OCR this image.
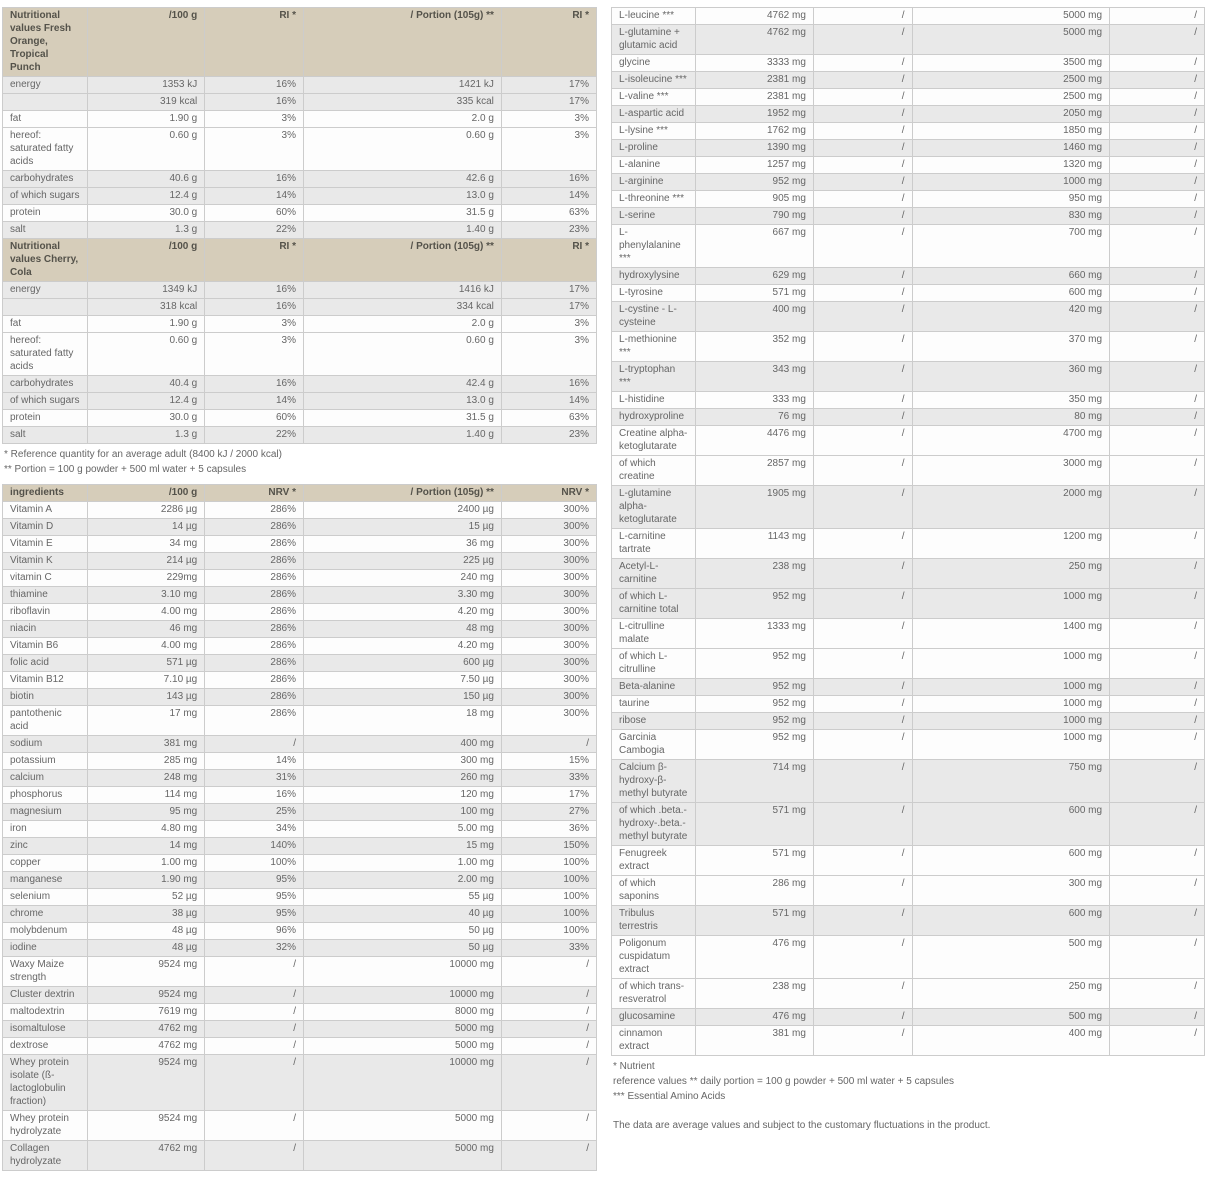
Nutritional values Fresh Orange, Tropical Punch	/100 g	RI *	/ Portion (105g) **	RI *
energy	1353 kJ	16%	1421 kJ	17%
	319 kcal	16%	335 kcal	17%
fat	1.90 g	3%	2.0 g	3%
hereof: saturated fatty acids	0.60 g	3%	0.60 g	3%
carbohydrates	40.6 g	16%	42.6 g	16%
of which sugars	12.4 g	14%	13.0 g	14%
protein	30.0 g	60%	31.5 g	63%
salt	1.3 g	22%	1.40 g	23%
Nutritional values Cherry, Cola	/100 g	RI *	/ Portion (105g) **	RI *
energy	1349 kJ	16%	1416 kJ	17%
	318 kcal	16%	334 kcal	17%
fat	1.90 g	3%	2.0 g	3%
hereof: saturated fatty acids	0.60 g	3%	0.60 g	3%
carbohydrates	40.4 g	16%	42.4 g	16%
of which sugars	12.4 g	14%	13.0 g	14%
protein	30.0 g	60%	31.5 g	63%
salt	1.3 g	22%	1.40 g	23%
* Reference quantity for an average adult (8400 kJ / 2000 kcal)
** Portion = 100 g powder + 500 ml water + 5 capsules
ingredients	/100 g	NRV *	/ Portion (105g) **	NRV *
Vitamin A	2286 µg	286%	2400 µg	300%
Vitamin D	14 µg	286%	15 µg	300%
Vitamin E	34 mg	286%	36 mg	300%
Vitamin K	214 µg	286%	225 µg	300%
vitamin C	229mg	286%	240 mg	300%
thiamine	3.10 mg	286%	3.30 mg	300%
riboflavin	4.00 mg	286%	4.20 mg	300%
niacin	46 mg	286%	48 mg	300%
Vitamin B6	4.00 mg	286%	4.20 mg	300%
folic acid	571 µg	286%	600 µg	300%
Vitamin B12	7.10 µg	286%	7.50 µg	300%
biotin	143 µg	286%	150 µg	300%
pantothenic acid	17 mg	286%	18 mg	300%
sodium	381 mg	/	400 mg	/
potassium	285 mg	14%	300 mg	15%
calcium	248 mg	31%	260 mg	33%
phosphorus	114 mg	16%	120 mg	17%
magnesium	95 mg	25%	100 mg	27%
iron	4.80 mg	34%	5.00 mg	36%
zinc	14 mg	140%	15 mg	150%
copper	1.00 mg	100%	1.00 mg	100%
manganese	1.90 mg	95%	2.00 mg	100%
selenium	52 µg	95%	55 µg	100%
chrome	38 µg	95%	40 µg	100%
molybdenum	48 µg	96%	50 µg	100%
iodine	48 µg	32%	50 µg	33%
Waxy Maize strength	9524 mg	/	10000 mg	/
Cluster dextrin	9524 mg	/	10000 mg	/
maltodextrin	7619 mg	/	8000 mg	/
isomaltulose	4762 mg	/	5000 mg	/
dextrose	4762 mg	/	5000 mg	/
Whey protein isolate (ß-lactoglobulin fraction)	9524 mg	/	10000 mg	/
Whey protein hydrolyzate	9524 mg	/	5000 mg	/
Collagen hydrolyzate	4762 mg	/	5000 mg	/
L-leucine ***	4762 mg	/	5000 mg	/
L-glutamine + glutamic acid	4762 mg	/	5000 mg	/
glycine	3333 mg	/	3500 mg	/
L-isoleucine ***	2381 mg	/	2500 mg	/
L-valine ***	2381 mg	/	2500 mg	/
L-aspartic acid	1952 mg	/	2050 mg	/
L-lysine ***	1762 mg	/	1850 mg	/
L-proline	1390 mg	/	1460 mg	/
L-alanine	1257 mg	/	1320 mg	/
L-arginine	952 mg	/	1000 mg	/
L-threonine ***	905 mg	/	950 mg	/
L-serine	790 mg	/	830 mg	/
L-phenylalanine ***	667 mg	/	700 mg	/
hydroxylysine	629 mg	/	660 mg	/
L-tyrosine	571 mg	/	600 mg	/
L-cystine - L-cysteine	400 mg	/	420 mg	/
L-methionine ***	352 mg	/	370 mg	/
L-tryptophan ***	343 mg	/	360 mg	/
L-histidine	333 mg	/	350 mg	/
hydroxyproline	76 mg	/	80 mg	/
Creatine alpha-ketoglutarate	4476 mg	/	4700 mg	/
of which creatine	2857 mg	/	3000 mg	/
L-glutamine alpha-ketoglutarate	1905 mg	/	2000 mg	/
L-carnitine tartrate	1143 mg	/	1200 mg	/
Acetyl-L-carnitine	238 mg	/	250 mg	/
of which L-carnitine total	952 mg	/	1000 mg	/
L-citrulline malate	1333 mg	/	1400 mg	/
of which L-citrulline	952 mg	/	1000 mg	/
Beta-alanine	952 mg	/	1000 mg	/
taurine	952 mg	/	1000 mg	/
ribose	952 mg	/	1000 mg	/
Garcinia Cambogia	952 mg	/	1000 mg	/
Calcium β-hydroxy-β-methyl butyrate	714 mg	/	750 mg	/
of which .beta.-hydroxy-.beta.-methyl butyrate	571 mg	/	600 mg	/
Fenugreek extract	571 mg	/	600 mg	/
of which saponins	286 mg	/	300 mg	/
Tribulus terrestris	571 mg	/	600 mg	/
Poligonum cuspidatum extract	476 mg	/	500 mg	/
of which trans-resveratrol	238 mg	/	250 mg	/
glucosamine	476 mg	/	500 mg	/
cinnamon extract	381 mg	/	400 mg	/
* Nutrient
reference values ** daily portion = 100 g powder + 500 ml water + 5 capsules
*** Essential Amino Acids

The data are average values and subject to the customary fluctuations in the product.
